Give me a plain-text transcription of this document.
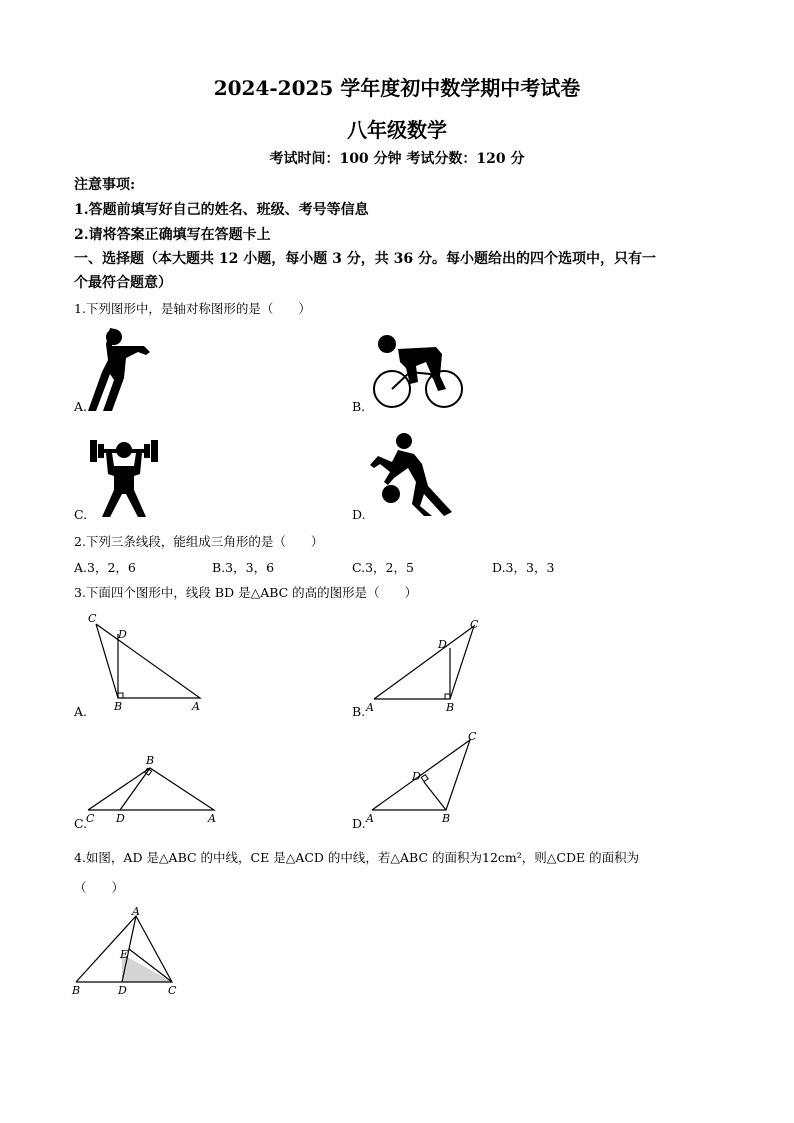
2024-2025 学年度初中数学期中考试卷
八年级数学
考试时间：100 分钟 考试分数：120 分
注意事项:
1.答题前填写好自己的姓名、班级、考号等信息
2.请将答案正确填写在答题卡上
一、选择题（本大题共 12 小题，每小题 3 分，共 36 分。每小题给出的四个选项中，只有一
个最符合题意）
1.下列图形中，是轴对称图形的是（　　）
A.	B.
C.	D.
2.下列三条线段，能组成三角形的是（　　）
A.3，2，6	B.3，3，6	C.3，2，5	D.3，3，3
3.下面四个图形中，线段 BD 是△ABC 的高的图形是（　　）
A.
C
D
B	A	B. A	B
C
D
C.
C D	A
B
D. A	B
C
D
4.如图，AD 是△ABC 的中线，CE 是△ACD 的中线，若△ABC 的面积为12cm²，则△CDE 的面积为
（　　）
A
B	C
D
E
